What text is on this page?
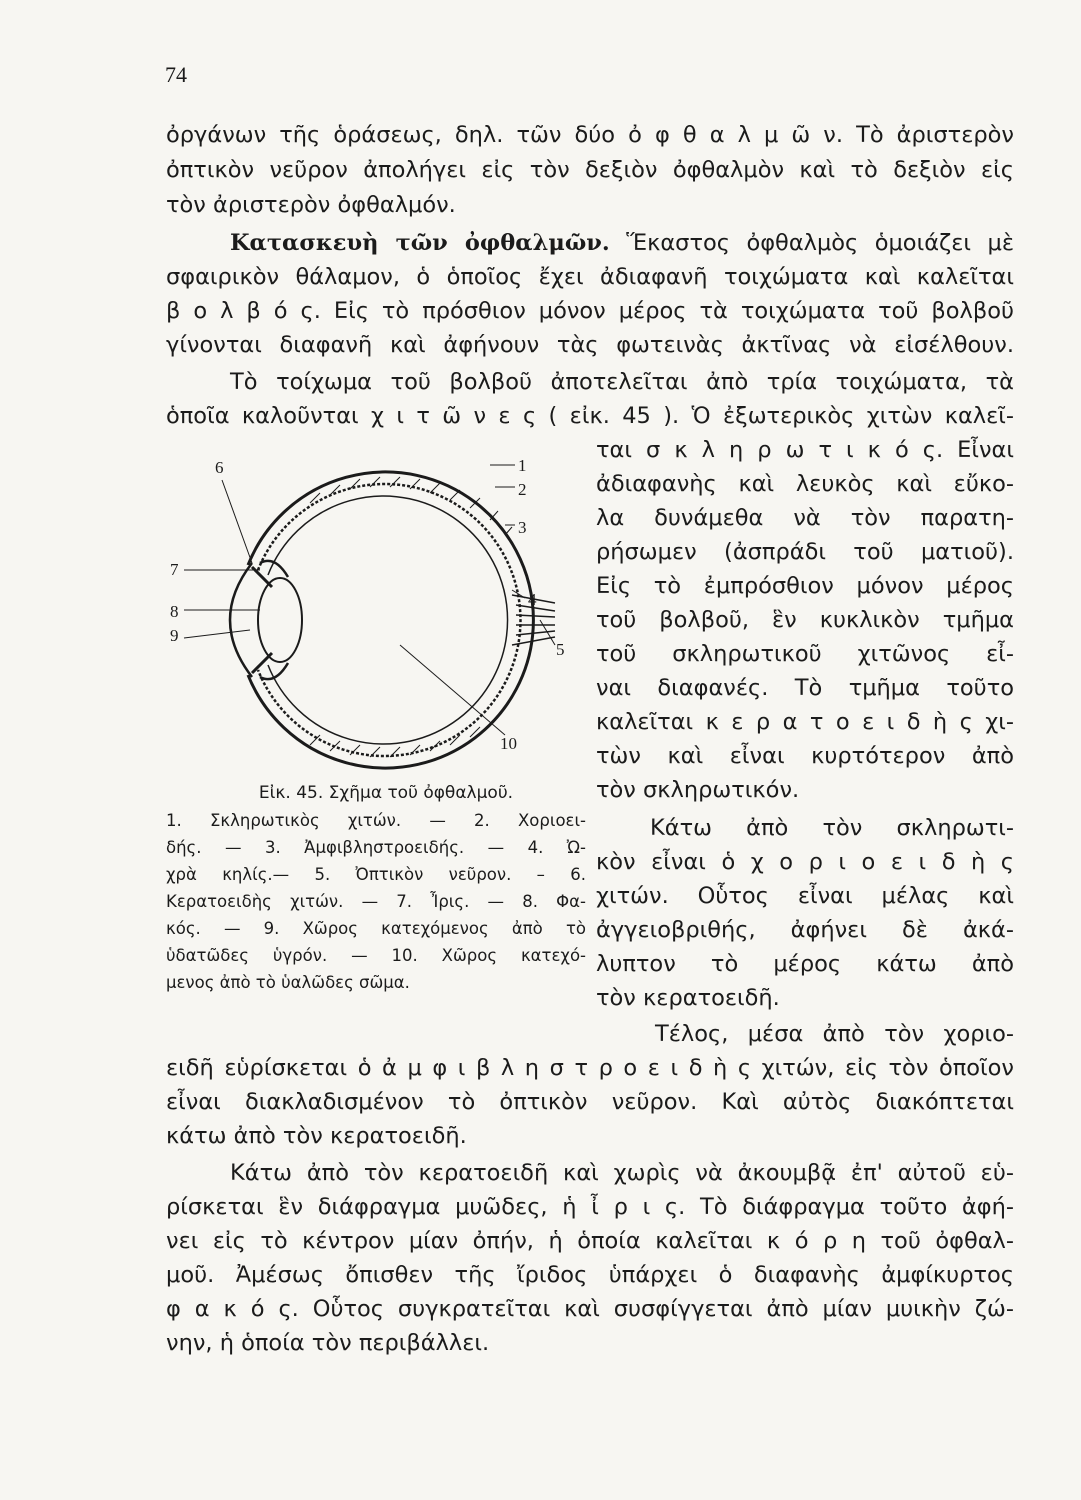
74
ὀργάνων τῆς ὁράσεως, δηλ. τῶν δύο ὀ φ θ α λ μ ῶ ν. Τὸ ἀριστερὸν
ὀπτικὸν νεῦρον ἀπολήγει εἰς τὸν δεξιὸν ὀφθαλμὸν καὶ τὸ δεξιὸν εἰς
τὸν ἀριστερὸν ὀφθαλμόν.
Κατασκευὴ τῶν ὀφθαλμῶν. Ἕκαστος ὀφθαλμὸς ὁμοιάζει μὲ
σφαιρικὸν θάλαμον, ὁ ὁποῖος ἔχει ἀδιαφανῆ τοιχώματα καὶ καλεῖται
β ο λ β ό ς. Εἰς τὸ πρόσθιον μόνον μέρος τὰ τοιχώματα τοῦ βολβοῦ
γίνονται διαφανῆ καὶ ἀφήνουν τὰς φωτεινὰς ἀκτῖνας νὰ εἰσέλθουν.
Τὸ τοίχωμα τοῦ βολβοῦ ἀποτελεῖται ἀπὸ τρία τοιχώματα, τὰ
ὁποῖα καλοῦνται χ ι τ ῶ ν ε ς ( εἰκ. 45 ). Ὁ ἐξωτερικὸς χιτὼν καλεῖ-
ται σ κ λ η ρ ω τ ι κ ό ς. Εἶναι
ἀδιαφανὴς καὶ λευκὸς καὶ εὔκο-
λα δυνάμεθα νὰ τὸν παρατη-
ρήσωμεν (ἀσπράδι τοῦ ματιοῦ).
Εἰς τὸ ἐμπρόσθιον μόνον μέρος
τοῦ βολβοῦ, ἓν κυκλικὸν τμῆμα
τοῦ σκληρωτικοῦ χιτῶνος εἶ-
ναι διαφανές. Τὸ τμῆμα τοῦτο
καλεῖται κ ε ρ α τ ο ε ι δ ὴ ς χι-
τὼν καὶ εἶναι κυρτότερον ἀπὸ
τὸν σκληρωτικόν.
Κάτω ἀπὸ τὸν σκληρωτι-
κὸν εἶναι ὁ χ ο ρ ι ο ε ι δ ὴ ς
χιτών. Οὗτος εἶναι μέλας καὶ
ἀγγειοβριθής, ἀφήνει δὲ ἀκά-
λυπτον τὸ μέρος κάτω ἀπὸ
τὸν κερατοειδῆ.
Τέλος, μέσα ἀπὸ τὸν χοριο-
ειδῆ εὑρίσκεται ὁ ἀ μ φ ι β λ η σ τ ρ ο ε ι δ ὴ ς χιτών, εἰς τὸν ὁποῖον
εἶναι διακλαδισμένον τὸ ὀπτικὸν νεῦρον. Καὶ αὐτὸς διακόπτεται
κάτω ἀπὸ τὸν κερατοειδῆ.
Κάτω ἀπὸ τὸν κερατοειδῆ καὶ χωρὶς νὰ ἀκουμβᾷ ἐπ' αὐτοῦ εὑ-
ρίσκεται ἓν διάφραγμα μυῶδες, ἡ ἶ ρ ι ς. Τὸ διάφραγμα τοῦτο ἀφή-
νει εἰς τὸ κέντρον μίαν ὀπήν, ἡ ὁποία καλεῖται κ ό ρ η τοῦ ὀφθαλ-
μοῦ. Ἀμέσως ὄπισθεν τῆς ἴριδος ὑπάρχει ὁ διαφανὴς ἀμφίκυρτος
φ α κ ό ς. Οὗτος συγκρατεῖται καὶ συσφίγγεται ἀπὸ μίαν μυικὴν ζώ-
νην, ἡ ὁποία τὸν περιβάλλει.
1
2
3
4
5
6
7
8
9
10
Εἰκ. 45. Σχῆμα τοῦ ὀφθαλμοῦ.
1. Σκληρωτικὸς χιτών. — 2. Χοριοει-
δής. — 3. Ἀμφιβληστροειδής. — 4. Ὠ-
χρὰ κηλίς.— 5. Ὀπτικὸν νεῦρον. – 6.
Κερατοειδὴς χιτών. — 7. Ἶρις. — 8. Φα-
κός. — 9. Χῶρος κατεχόμενος ἀπὸ τὸ
ὑδατῶδες ὑγρόν. — 10. Χῶρος κατεχό-
μενος ἀπὸ τὸ ὑαλῶδες σῶμα.
